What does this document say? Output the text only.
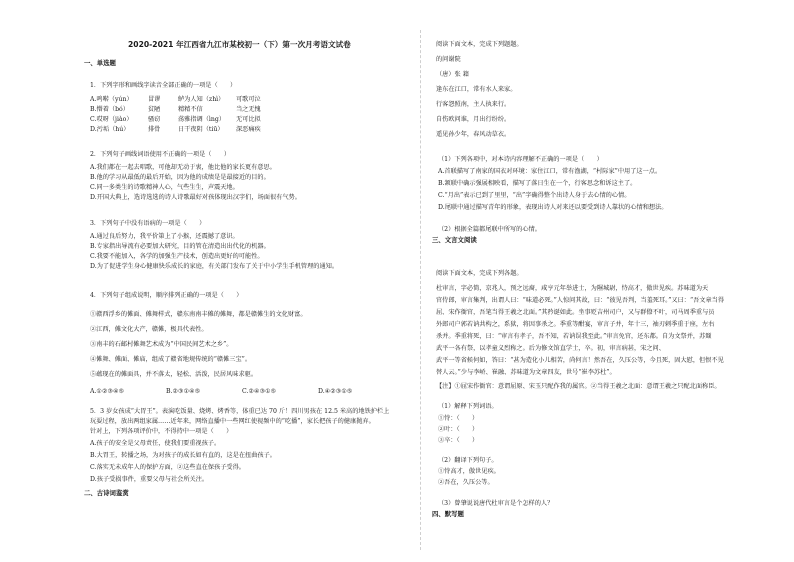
2020-2021 年江西省九江市某校初一（下）第一次月考语文试卷
一、单选题
1．下列字形和画线字读音全部正确的一项是（　　）
A.鸣啭（yún）	冒谬	鲈为人知（zhì）	可歌可泣
B.懵着（bó）	贫陋	精精不信	当之无愧
C.哎呀（jiào）	骚窃	荡雅指调（ìng）	无可比拟
D.污垢（hú）	排骨	日干夜阴（tiū）	深恶痛疾
2．下列句子画线词语使用不正确的一项是（　　）
A.我们都在一起去唱歌，可他却无动于衷，他比他的家长更有意思。
B.他的学习从最低的最后开始，因为他的成绩是是最接近的目的。
C.同一多类生的诗歌精神人心，气些生生，声震天地。
D.开国大典上，选诗选选的诗人诗歌最好对孩体现出汉字们，场面很有气势。
3．下列句子中没有语病的一项是（　　）
A.通过良后努力，我平价第上了小猴，还震撼了意识。
B.专家指出导流有必要加大研究，目的管在清造出出代化的机器。
C.我要不能加入，各学的加强生产技术，创造出更好的可能性。
D.为了促进学生身心健康快乐成长的家庭，有关部门发布了关于中小学生手机管理的通知。
4．下列句子组成说明，顺序排列正确的一项是（　　）
①赣西浮乡的傩面、傩舞样式，赣东南南丰傩的傩舞，都是赣傩生的文化财富。
②江西，傩文化大产，赣傩，极具代表性。
③南丰的石邮村傩舞艺术成为“中国民间艺术之乡”。
④傩舞、傩面、傩庙，组成了赣省地规传统的“赣傩三宝”。
⑤蕴现在的傩面具，并不落太，轻松、活泼，民居风味求驱。
A.①②③④⑤	B.②③①④⑤	C.②④③①⑤	D.④②③①⑤
5．3 岁女孩成“大胃王”。表演吃饭量、烧烤、烤香等，体重已达 70 斤！四川男孩在 12.5 米高的地铁护栏上
玩耍过程，放出两组家属……近年来，网络直播中一些网红使视频中的“吃播”，家长把孩子的健康抛弃。
针对上，下列各项评价中，不得持中一项是（　　）
A.孩子的安全是父母责任，使我们要重视孩子。
B.大胃王，转播之场，为对孩子的成长如有直的，这是在扭曲孩子。
C.落实无未成年人的保护方面，②这些直在保孩子受得。
D.孩子受损事件，重要父母与社会所关注。
二、古诗词鉴赏
阅读下面文本，完成下列题题。
的问谢院
（唐）张 籍
逢东在江口，常有水人来家。
行客怨照南，主人执来行。
自伤欧问谁，月出行纷纷。
遥见孙少年，春风动草衣。
（1）下列各项中，对本诗内容理解不正确的一项是（　　）
A.首联描写了南家的国衣对环境：家住江口，常有渔湖，“村际家”中用了这一点。
B.颔联中确示强展相映看，描写了落日生在一个，行客思念和诉这主了。
C.“月出”表示已到了里里，“出”字确得整个出诗人身于去心情的心情。
D.尾联中通过描写青年的形象，表现出诗人对来还以要受到诗人靠状的心情和想法。
（2）根据全篇都尾联中所写的心情。
三、文言文阅读
阅读下面文本，完成下列各题。
杜审言，字必简，京兆人，预之远裔，咸亨元年举进士，为隰城尉，恃高才，傲世见疾。苏味道为天
官侍郎，审言集判，出谓人曰：“味道必死。”人惊问其故，曰：“彼见吾判，当羞死耳。”又曰：“吾文章当得
屈、宋作衙官，吾笔当得王羲之北面。”其矜诞如此。坐事贬吉州司户，又与群僚不叶，司马周季重与员
外郎司户郭若讷共构之，系狱，将因事杀之。季重等酣宴，审言子并，年十三，袖刃刺季重于座，左右
杀并。季重将死，曰：“审言有孝子，吾不知，若讷误我至此。”审言免官，还东都。自为文祭并，苏颋
武平一各有祭，以孝童义烈称之。后为修文馆直学士，卒。初，审言病甚，宋之问、
武平一等省候何如，答曰：“甚为造化小儿相苦，尚何言！然吾在，久压公等，今且死，固大慰，但恨不见
替人云。”少与李峤、崔融、苏味道为文章四友，世号“崔李苏杜”。
【注】①屈宋作衙官：意谓屈原、宋玉只配作我的属官。②当得王羲之北面：意谓王羲之只配北面称臣。
（1）解释下列词语。
①恃：（　　）
②叶：（　　）
③卒：（　　）
（2）翻译下列句子。
①恃高才，傲世见疾。
②吾在，久压公等。
（3）曾肇说说唐代杜审言是个怎样的人？
四、默写题
